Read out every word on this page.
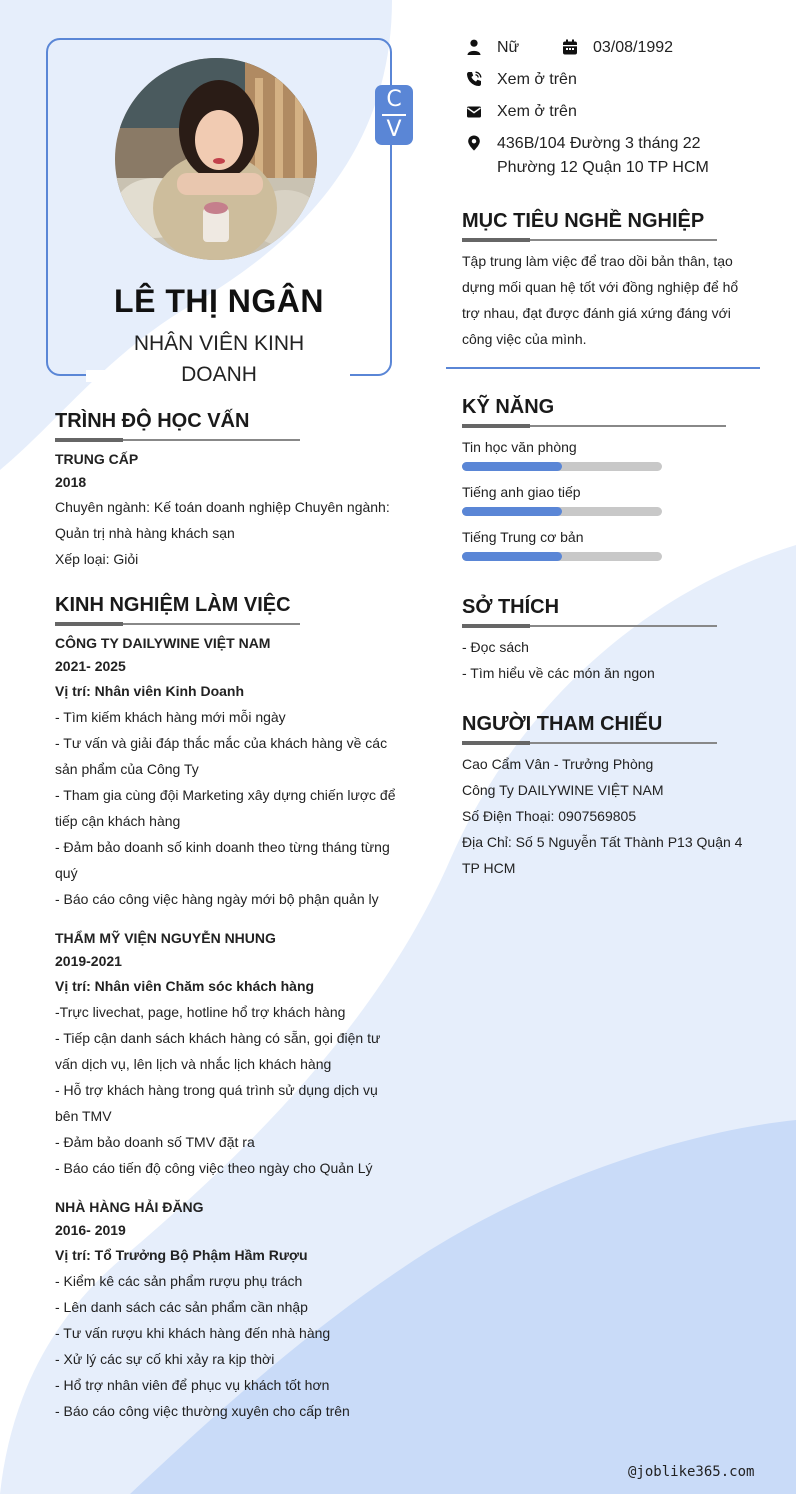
C
V
LÊ THỊ NGÂN
NHÂN VIÊN KINH DOANH
TRÌNH ĐỘ HỌC VẤN
TRUNG CẤP
2018
Chuyên ngành: Kế toán doanh nghiệp Chuyên ngành:
Quản trị nhà hàng khách sạn
Xếp loại: Giỏi
KINH NGHIỆM LÀM VIỆC
CÔNG TY DAILYWINE VIỆT NAM
2021- 2025
Vị trí: Nhân viên Kinh Doanh
- Tìm kiếm khách hàng mới mỗi ngày
- Tư vấn và giải đáp thắc mắc của khách hàng về các
sản phẩm của Công Ty
- Tham gia cùng đội Marketing xây dựng chiến lược để
tiếp cận khách hàng
- Đảm bảo doanh số kinh doanh theo từng tháng từng
quý
- Báo cáo công việc hàng ngày mới bộ phận quản ly
THẨM MỸ VIỆN NGUYỄN NHUNG
2019-2021
Vị trí: Nhân viên Chăm sóc khách hàng
-Trực livechat, page, hotline hổ trợ khách hàng
- Tiếp cận danh sách khách hàng có sẵn, gọi điện tư
vấn dịch vụ, lên lịch và nhắc lịch khách hàng
- Hỗ trợ khách hàng trong quá trình sử dụng dịch vụ
bên TMV
- Đảm bảo doanh số TMV đặt ra
- Báo cáo tiến độ công việc theo ngày cho Quản Lý
NHÀ HÀNG HẢI ĐĂNG
2016- 2019
Vị trí: Tổ Trưởng Bộ Phậm Hầm Rượu
- Kiểm kê các sản phẩm rượu phụ trách
- Lên danh sách các sản phẩm cần nhập
- Tư vấn rượu khi khách hàng đến nhà hàng
- Xử lý các sự cố khi xảy ra kịp thời
- Hổ trợ nhân viên để phục vụ khách tốt hơn
- Báo cáo công việc thường xuyên cho cấp trên
Nữ	03/08/1992
Xem ở trên
Xem ở trên
436B/104 Đường 3 tháng 22
Phường 12 Quận 10 TP HCM
MỤC TIÊU NGHỀ NGHIỆP
Tập trung làm việc để trao dồi bản thân, tạo
dựng mối quan hệ tốt với đồng nghiệp để hổ
trợ nhau, đạt được đánh giá xứng đáng với
công việc của mình.
KỸ NĂNG
Tin học văn phòng
Tiếng anh giao tiếp
Tiếng Trung cơ bản
SỞ THÍCH
- Đọc sách
- Tìm hiểu về các món ăn ngon
NGƯỜI THAM CHIẾU
Cao Cẩm Vân - Trưởng Phòng
Công Ty DAILYWINE VIỆT NAM
Số Điện Thoại: 0907569805
Địa Chỉ: Số 5 Nguyễn Tất Thành P13 Quận 4
TP HCM
@joblike365.com
